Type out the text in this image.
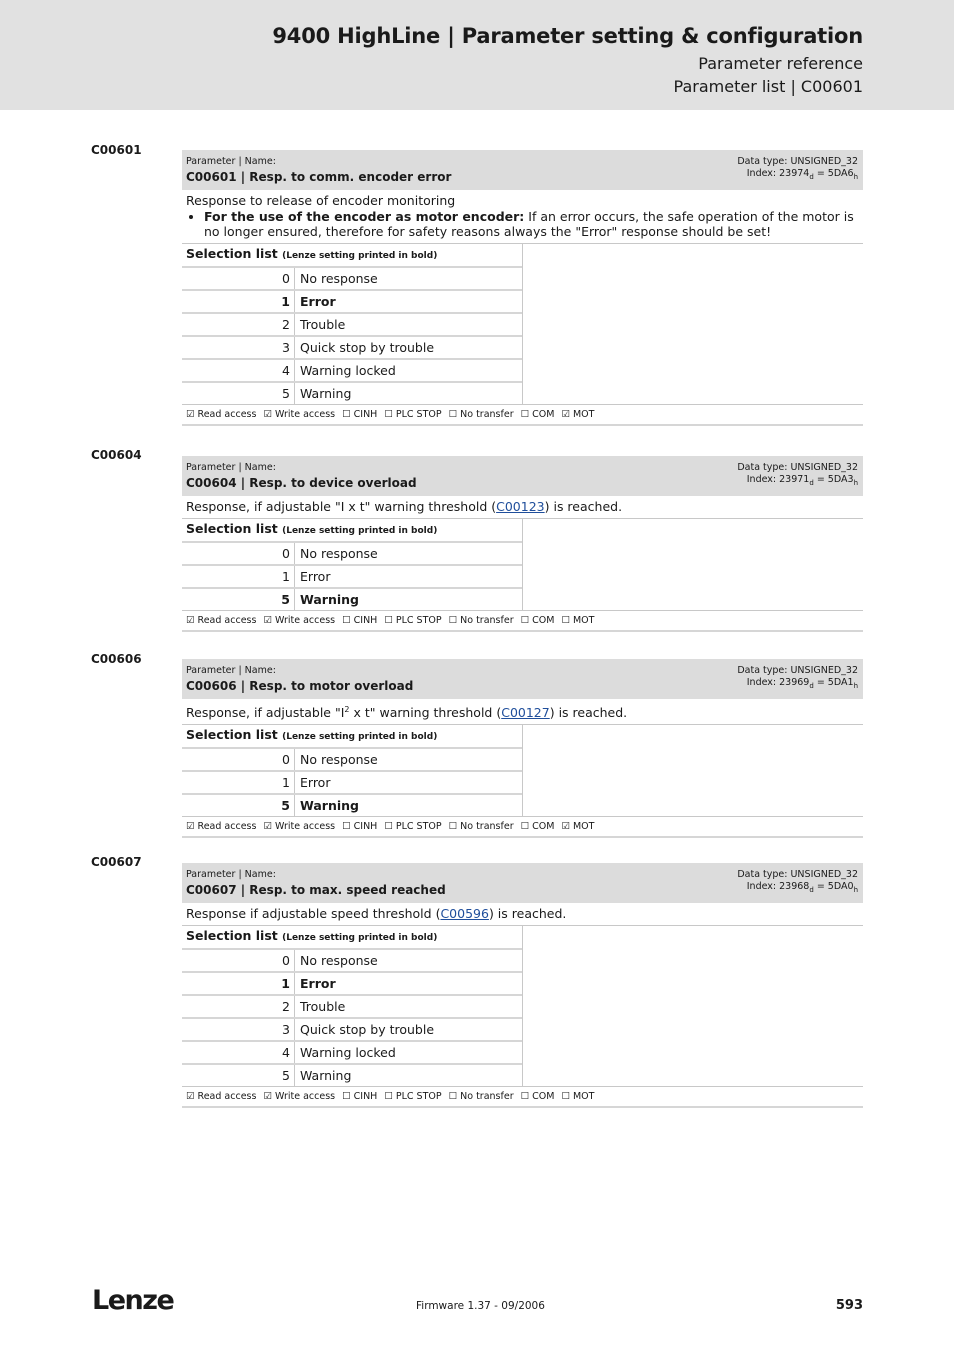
9400 HighLine | Parameter setting & configuration
Parameter reference
Parameter list | C00601
C00601
Parameter | Name:
C00601 | Resp. to comm. encoder error
Data type: UNSIGNED_32
Index: $23974_d = 5DA6_h$
Response to release of encoder monitoring
• For the use of the encoder as motor encoder: If an error occurs, the safe operation of the motor is no longer ensured, therefore for safety reasons always the "Error" response should be set!
Selection list (Lenze setting printed in bold)
0 No response
1 Error
2 Trouble
3 Quick stop by trouble
4 Warning locked
5 Warning
☑ Read access ☑ Write access ☐ CINH ☐ PLC STOP ☐ No transfer ☐ COM ☑ MOT
C00604
Parameter | Name:
C00604 | Resp. to device overload
Data type: UNSIGNED_32
Index: $23971_d = 5DA3_h$
Response, if adjustable "I x t" warning threshold (C00123) is reached.
Selection list (Lenze setting printed in bold)
0 No response
1 Error
5 Warning
☑ Read access ☑ Write access ☐ CINH ☐ PLC STOP ☐ No transfer ☐ COM ☐ MOT
C00606
Parameter | Name:
C00606 | Resp. to motor overload
Data type: UNSIGNED_32
Index: $23969_d = 5DA1_h$
Response, if adjustable "$I^2$ x t" warning threshold (C00127) is reached.
Selection list (Lenze setting printed in bold)
0 No response
1 Error
5 Warning
☑ Read access ☑ Write access ☐ CINH ☐ PLC STOP ☐ No transfer ☐ COM ☑ MOT
C00607
Parameter | Name:
C00607 | Resp. to max. speed reached
Data type: UNSIGNED_32
Index: $23968_d = 5DA0_h$
Response if adjustable speed threshold (C00596) is reached.
Selection list (Lenze setting printed in bold)
0 No response
1 Error
2 Trouble
3 Quick stop by trouble
4 Warning locked
5 Warning
☑ Read access ☑ Write access ☐ CINH ☐ PLC STOP ☐ No transfer ☐ COM ☐ MOT
Lenze	Firmware 1.37 - 09/2006	593
